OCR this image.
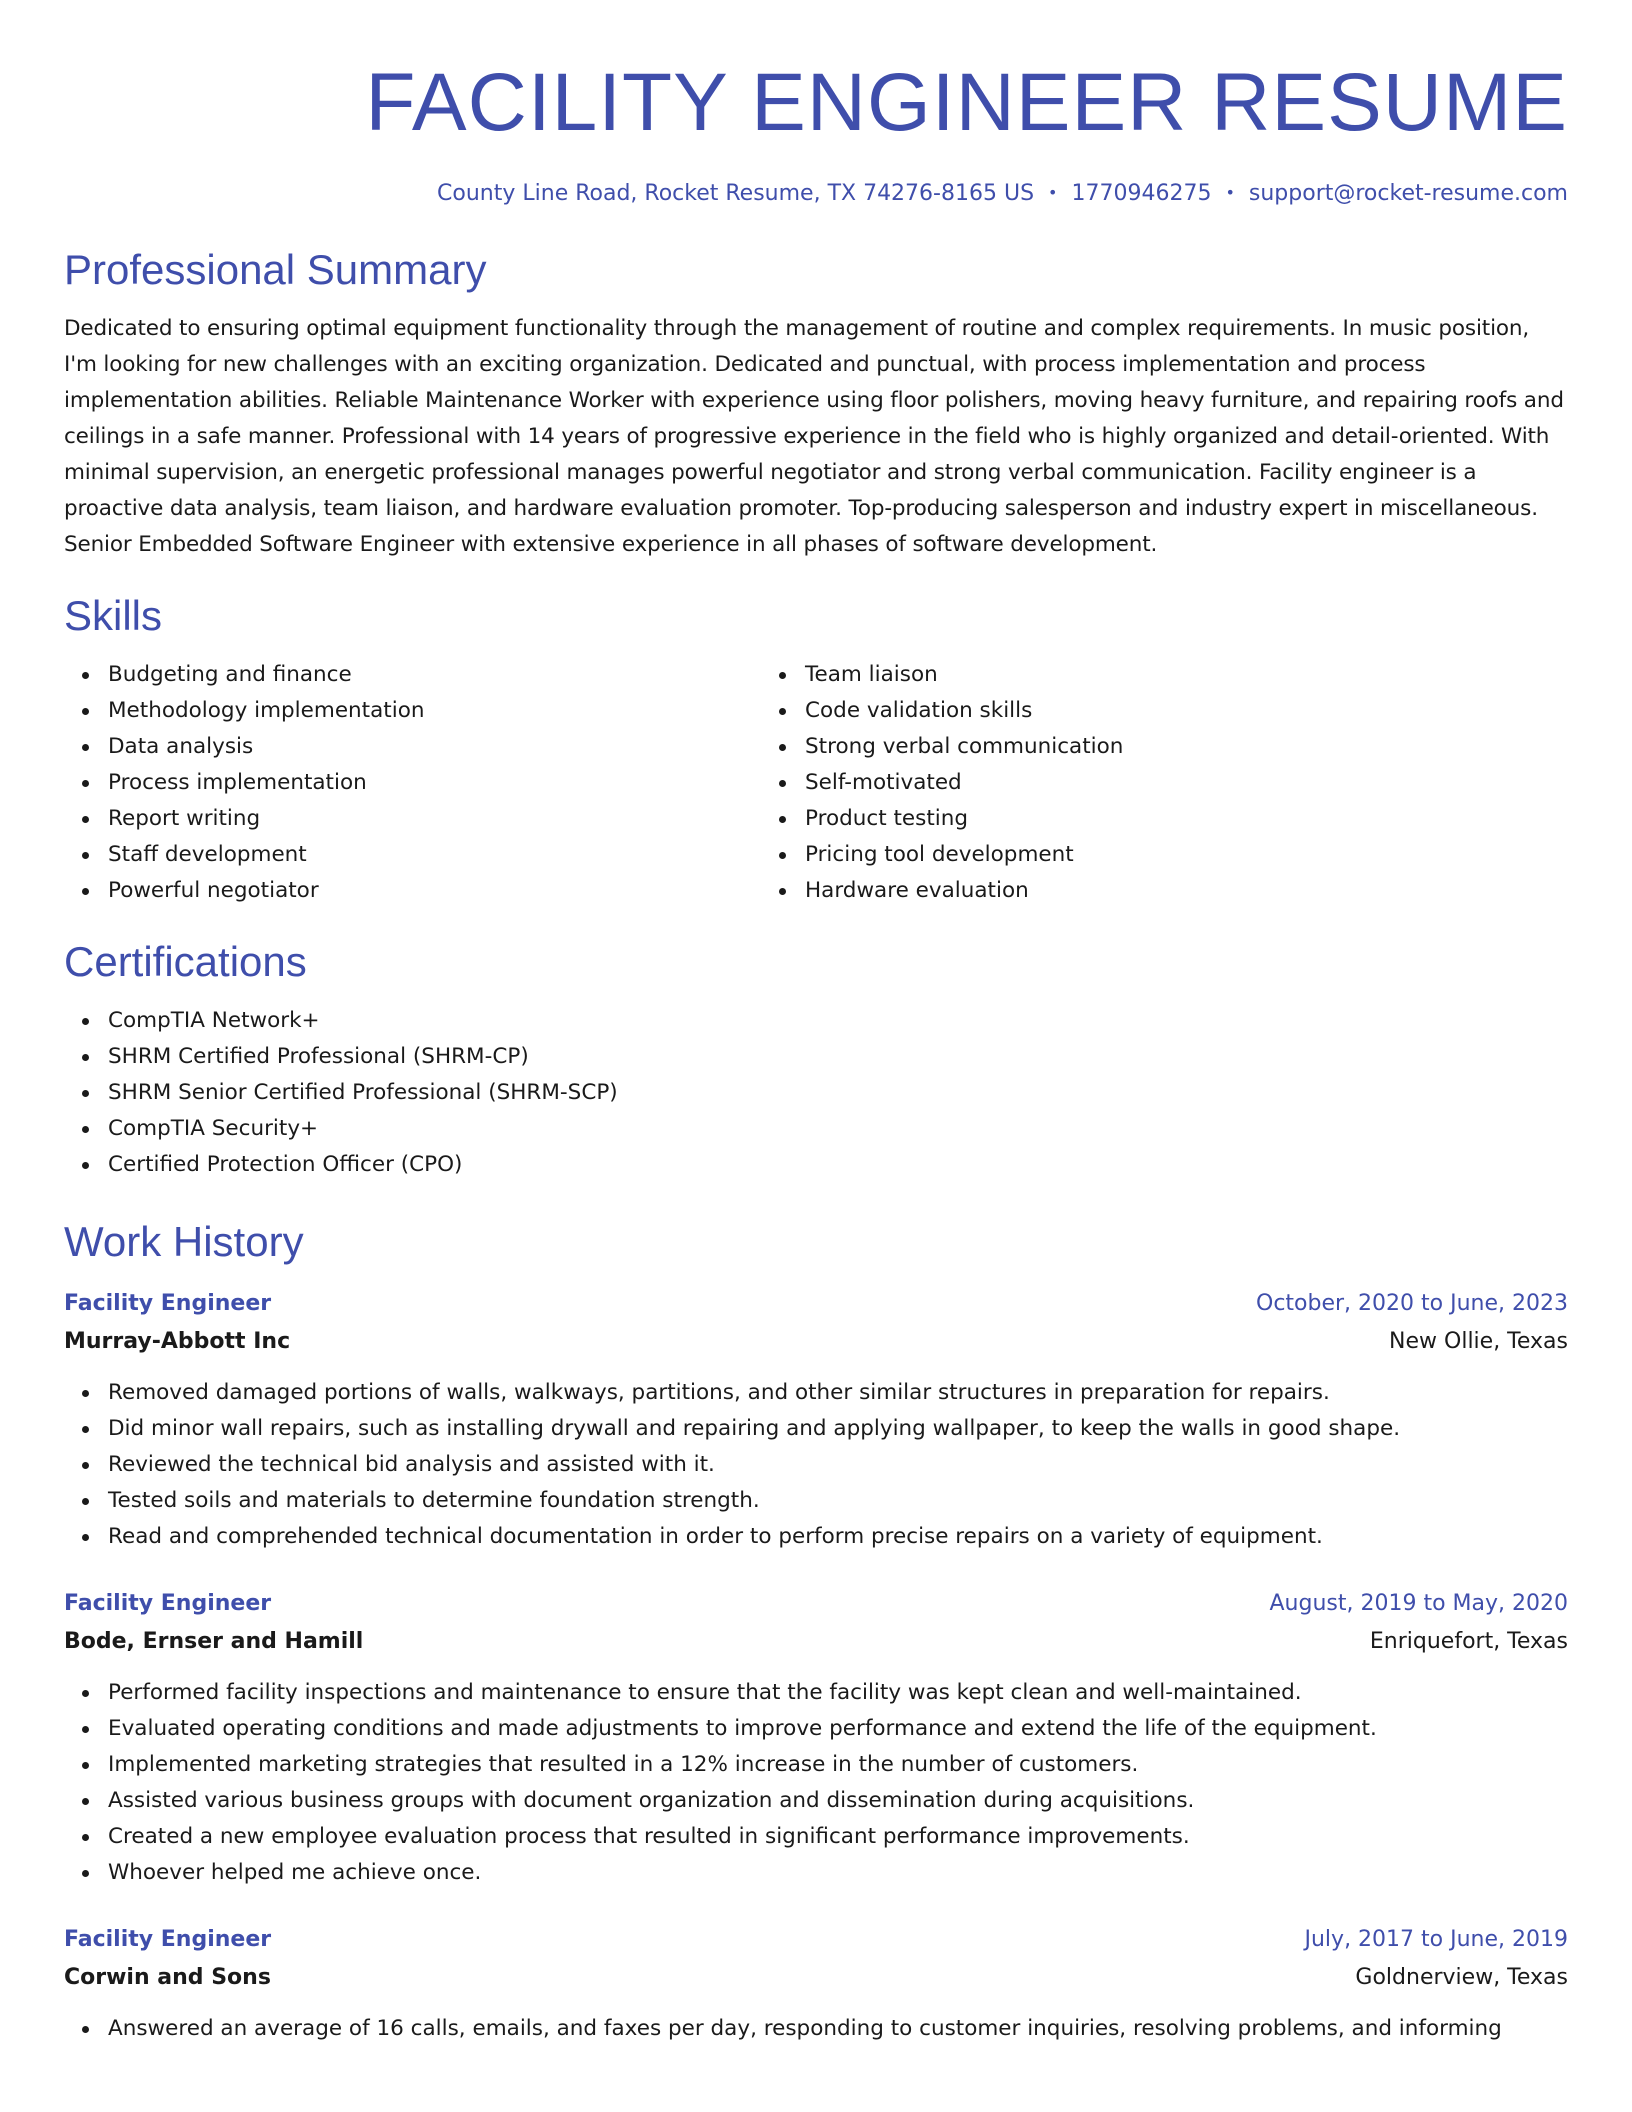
FACILITY ENGINEER RESUME
County Line Road, Rocket Resume, TX 74276-8165 US • 1770946275 • support@rocket-resume.com
Professional Summary

Dedicated to ensuring optimal equipment functionality through the management of routine and complex requirements. In music position, I'm looking for new challenges with an exciting organization. Dedicated and punctual, with process implementation and process implementation abilities. Reliable Maintenance Worker with experience using floor polishers, moving heavy furniture, and repairing roofs and ceilings in a safe manner. Professional with 14 years of progressive experience in the field who is highly organized and detail-oriented. With minimal supervision, an energetic professional manages powerful negotiator and strong verbal communication. Facility engineer is a proactive data analysis, team liaison, and hardware evaluation promoter. Top-producing salesperson and industry expert in miscellaneous. Senior Embedded Software Engineer with extensive experience in all phases of software development.

Skills
Budgeting and finance
Methodology implementation
Data analysis
Process implementation
Report writing
Staff development
Powerful negotiator
Team liaison
Code validation skills
Strong verbal communication
Self-motivated
Product testing
Pricing tool development
Hardware evaluation
Certifications
CompTIA Network+
SHRM Certified Professional (SHRM-CP)
SHRM Senior Certified Professional (SHRM-SCP)
CompTIA Security+
Certified Protection Officer (CPO)
Work History
Facility Engineer	October, 2020 to June, 2023
Murray-Abbott Inc	New Ollie, Texas
Removed damaged portions of walls, walkways, partitions, and other similar structures in preparation for repairs.
Did minor wall repairs, such as installing drywall and repairing and applying wallpaper, to keep the walls in good shape.
Reviewed the technical bid analysis and assisted with it.
Tested soils and materials to determine foundation strength.
Read and comprehended technical documentation in order to perform precise repairs on a variety of equipment.
Facility Engineer	August, 2019 to May, 2020
Bode, Ernser and Hamill	Enriquefort, Texas
Performed facility inspections and maintenance to ensure that the facility was kept clean and well-maintained.
Evaluated operating conditions and made adjustments to improve performance and extend the life of the equipment.
Implemented marketing strategies that resulted in a 12% increase in the number of customers.
Assisted various business groups with document organization and dissemination during acquisitions.
Created a new employee evaluation process that resulted in significant performance improvements.
Whoever helped me achieve once.
Facility Engineer	July, 2017 to June, 2019
Corwin and Sons	Goldnerview, Texas
Answered an average of 16 calls, emails, and faxes per day, responding to customer inquiries, resolving problems, and informing
